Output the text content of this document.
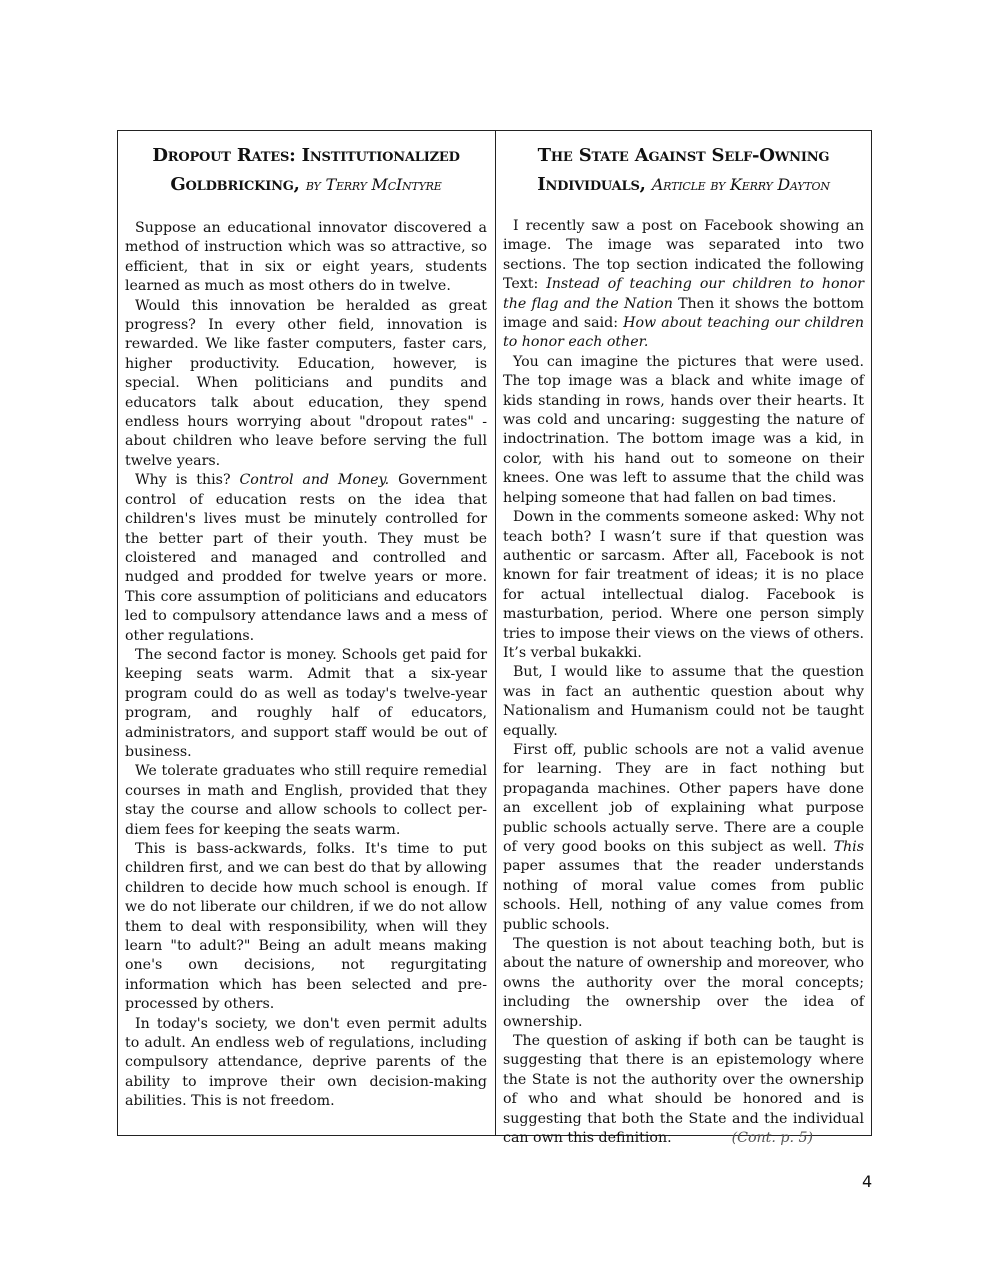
Dropout Rates: Institutionalized
Goldbricking, by Terry McIntyre

Suppose an educational innovator discovered a method of instruction which was so attractive, so efficient, that in six or eight years, students learned as much as most others do in twelve.

Would this innovation be heralded as great progress? In every other field, innovation is rewarded. We like faster computers, faster cars, higher productivity. Education, however, is special. When politicians and pundits and educators talk about education, they spend endless hours worrying about "dropout rates" - about children who leave before serving the full twelve years.

Why is this? Control and Money. Government control of education rests on the idea that children's lives must be minutely controlled for the better part of their youth. They must be cloistered and managed and controlled and nudged and prodded for twelve years or more. This core assumption of politicians and educators led to compulsory attendance laws and a mess of other regulations.

The second factor is money. Schools get paid for keeping seats warm. Admit that a six-year program could do as well as today's twelve-year program, and roughly half of educators, administrators, and support staff would be out of business.

We tolerate graduates who still require remedial courses in math and English, provided that they stay the course and allow schools to collect per-diem fees for keeping the seats warm.

This is bass-ackwards, folks. It's time to put children first, and we can best do that by allowing children to decide how much school is enough. If we do not liberate our children, if we do not allow them to deal with responsibility, when will they learn "to adult?" Being an adult means making one's own decisions, not regurgitating information which has been selected and pre-processed by others.

In today's society, we don't even permit adults to adult. An endless web of regulations, including compulsory attendance, deprive parents of the ability to improve their own decision-making abilities. This is not freedom.

The State Against Self-Owning
Individuals, Article by Kerry Dayton

I recently saw a post on Facebook showing an image. The image was separated into two sections. The top section indicated the following Text: Instead of teaching our children to honor the flag and the Nation Then it shows the bottom image and said: How about teaching our children to honor each other.

You can imagine the pictures that were used. The top image was a black and white image of kids standing in rows, hands over their hearts. It was cold and uncaring: suggesting the nature of indoctrination. The bottom image was a kid, in color, with his hand out to someone on their knees. One was left to assume that the child was helping someone that had fallen on bad times.

Down in the comments someone asked: Why not teach both? I wasn’t sure if that question was authentic or sarcasm. After all, Facebook is not known for fair treatment of ideas; it is no place for actual intellectual dialog. Facebook is masturbation, period. Where one person simply tries to impose their views on the views of others. It’s verbal bukakki.

But, I would like to assume that the question was in fact an authentic question about why Nationalism and Humanism could not be taught equally.

First off, public schools are not a valid avenue for learning. They are in fact nothing but propaganda machines. Other papers have done an excellent job of explaining what purpose public schools actually serve. There are a couple of very good books on this subject as well. This paper assumes that the reader understands nothing of moral value comes from public schools. Hell, nothing of any value comes from public schools.

The question is not about teaching both, but is about the nature of ownership and moreover, who owns the authority over the moral concepts; including the ownership over the idea of ownership.

The question of asking if both can be taught is suggesting that there is an epistemology where the State is not the authority over the ownership of who and what should be honored and is suggesting that both the State and the individual can own this definition.	(Cont. p. 5)

4
